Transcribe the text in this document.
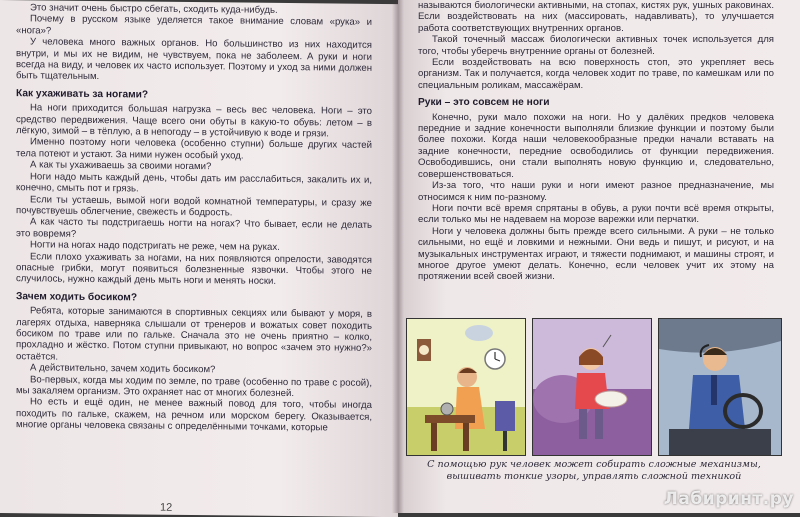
Это значит очень быстро сбегать, сходить куда-нибудь.

Почему в русском языке уделяется такое внимание словам «рука» и «нога»?

У человека много важных органов. Но большинство из них находится внутри, и мы их не видим, не чувствуем, пока не заболеем. А руки и ноги всегда на виду, и человек их часто использует. Поэтому и уход за ними должен быть тщательным.

Как ухаживать за ногами?

На ноги приходится большая нагрузка – весь вес человека. Ноги – это средство передвижения. Чаще всего они обуты в какую-то обувь: летом – в лёгкую, зимой – в тёплую, а в непогоду – в устойчивую к воде и грязи.

Именно поэтому ноги человека (особенно ступни) больше других частей тела потеют и устают. За ними нужен особый уход.

А как ты ухаживаешь за своими ногами?

Ноги надо мыть каждый день, чтобы дать им расслабиться, закалить их и, конечно, смыть пот и грязь.

Если ты устаешь, вымой ноги водой комнатной температуры, и сразу же почувствуешь облегчение, свежесть и бодрость.

А как часто ты подстригаешь ногти на ногах? Что бывает, если не делать это вовремя?

Ногти на ногах надо подстригать не реже, чем на руках.

Если плохо ухаживать за ногами, на них появляются опрелости, заводятся опасные грибки, могут появиться болезненные язвочки. Чтобы этого не случилось, нужно каждый день мыть ноги и менять носки.

Зачем ходить босиком?

Ребята, которые занимаются в спортивных секциях или бывают у моря, в лагерях отдыха, наверняка слышали от тренеров и вожатых совет походить босиком по траве или по гальке. Сначала это не очень приятно – колко, прохладно и жёстко. Потом ступни привыкают, но вопрос «зачем это нужно?» остаётся.

А действительно, зачем ходить босиком?

Во-первых, когда мы ходим по земле, по траве (особенно по траве с росой), мы закаляем организм. Это охраняет нас от многих болезней.

Но есть и ещё один, не менее важный повод для того, чтобы иногда походить по гальке, скажем, на речном или морском берегу. Оказывается, многие органы человека связаны с определёнными точками, которые

12

называются биологически активными, на стопах, кистях рук, ушных раковинах. Если воздействовать на них (массировать, надавливать), то улучшается работа соответствующих внутренних органов.

Такой точечный массаж биологически активных точек используется для того, чтобы уберечь внутренние органы от болезней.

Если воздействовать на всю поверхность стоп, это укрепляет весь организм. Так и получается, когда человек ходит по траве, по камешкам или по специальным роликам, массажёрам.

Руки – это совсем не ноги

Конечно, руки мало похожи на ноги. Но у далёких предков человека передние и задние конечности выполняли близкие функции и поэтому были более похожи. Когда наши человекообразные предки начали вставать на задние конечности, передние освободились от функции передвижения. Освободившись, они стали выполнять новую функцию и, следовательно, совершенствоваться.

Из-за того, что наши руки и ноги имеют разное предназначение, мы относимся к ним по-разному.

Ноги почти всё время спрятаны в обувь, а руки почти всё время открыты, если только мы не надеваем на морозе варежки или перчатки.

Ноги у человека должны быть прежде всего сильными. А руки – не только сильными, но ещё и ловкими и нежными. Они ведь и пишут, и рисуют, и на музыкальных инструментах играют, и тяжести поднимают, и машины строят, и многое другое умеют делать. Конечно, если человек учит их этому на протяжении всей своей жизни.

С помощью рук человек может собирать сложные механизмы, вышивать тонкие узоры, управлять сложной техникой
Лабиринт.ру
